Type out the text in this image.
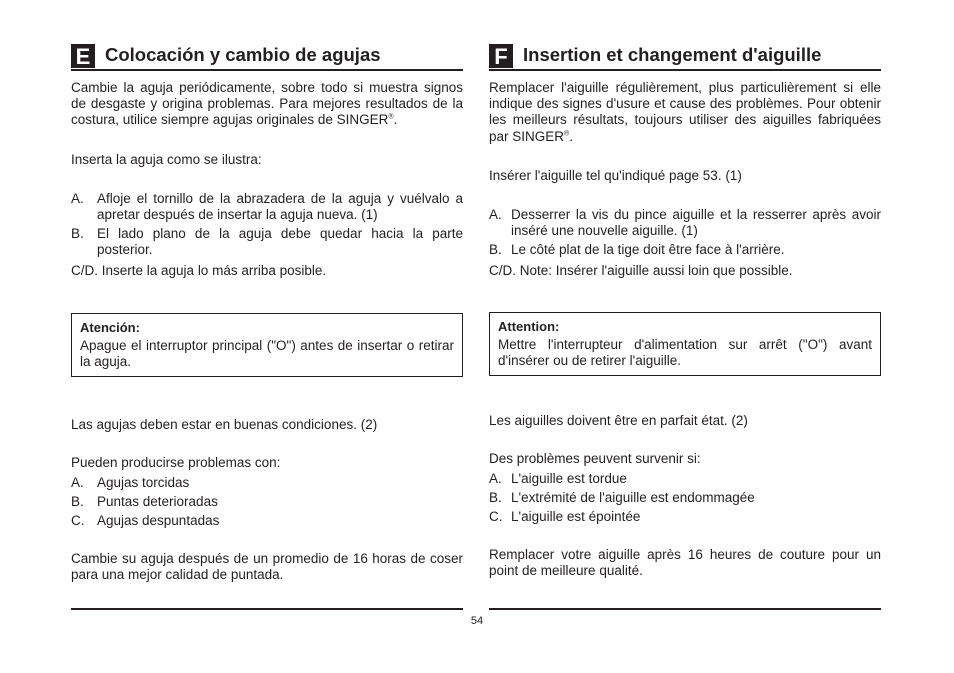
E Colocación y cambio de agujas

Cambie la aguja periódicamente, sobre todo si muestra signos de desgaste y origina problemas. Para mejores resultados de la costura, utilice siempre agujas originales de SINGER®.

Inserta la aguja como se ilustra:

A. Afloje el tornillo de la abrazadera de la aguja y vuélvalo a apretar después de insertar la aguja nueva. (1)
B. El lado plano de la aguja debe quedar hacia la parte posterior.

C/D. Inserte la aguja lo más arriba posible.

Atención:

Apague el interruptor principal ("O") antes de insertar o retirar la aguja.

Las agujas deben estar en buenas condiciones. (2)

Pueden producirse problemas con:

A. Agujas torcidas
B. Puntas deterioradas
C. Agujas despuntadas

Cambie su aguja después de un promedio de 16 horas de coser para una mejor calidad de puntada.

F Insertion et changement d'aiguille

Remplacer l'aiguille régulièrement, plus particulièrement si elle indique des signes d'usure et cause des problèmes. Pour obtenir les meilleurs résultats, toujours utiliser des aiguilles fabriquées par SINGER®.

Insérer l'aiguille tel qu'indiqué page 53. (1)

A. Desserrer la vis du pince aiguille et la resserrer après avoir inséré une nouvelle aiguille. (1)
B. Le côté plat de la tige doit être face à l'arrière.

C/D. Note: Insérer l'aiguille aussi loin que possible.

Attention:

Mettre l'interrupteur d'alimentation sur arrêt ("O") avant d'insérer ou de retirer l'aiguille.

Les aiguilles doivent être en parfait état. (2)

Des problèmes peuvent survenir si:

A. L'aiguille est tordue
B. L'extrémité de l'aiguille est endommagée
C. L'aiguille est épointée

Remplacer votre aiguille après 16 heures de couture pour un point de meilleure qualité.

54
